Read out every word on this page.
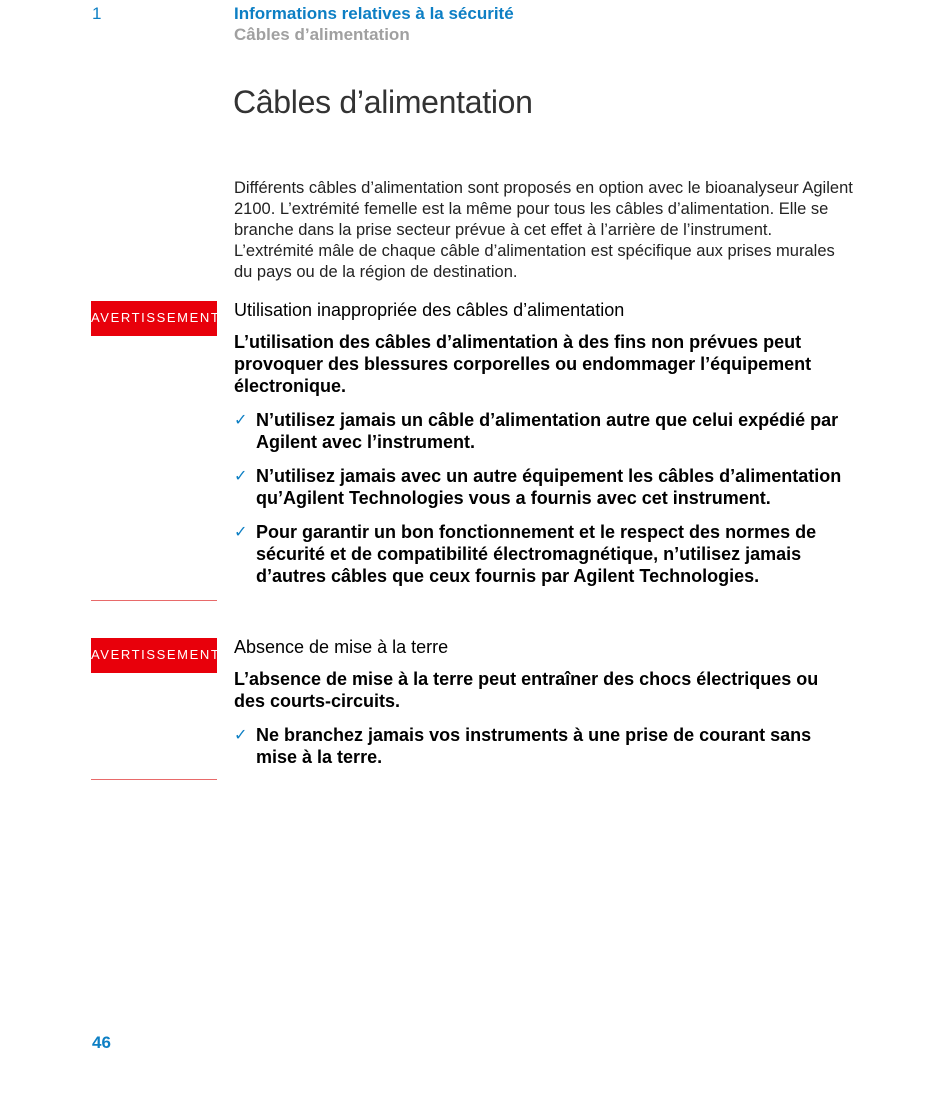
1	Informations relatives à la sécurité
Câbles d’alimentation
Câbles d’alimentation

Différents câbles d’alimentation sont proposés en option avec le bioanalyseur Agilent 2100. L’extrémité femelle est la même pour tous les câbles d’alimentation. Elle se branche dans la prise secteur prévue à cet effet à l’arrière de l’instrument. L’extrémité mâle de chaque câble d’alimentation est spécifique aux prises murales du pays ou de la région de destination.

AVERTISSEMENT Utilisation inappropriée des câbles d’alimentation

L’utilisation des câbles d’alimentation à des fins non prévues peut provoquer des blessures corporelles ou endommager l’équipement électronique.

✓ N’utilisez jamais un câble d’alimentation autre que celui expédié par Agilent avec l’instrument.
✓ N’utilisez jamais avec un autre équipement les câbles d’alimentation qu’Agilent Technologies vous a fournis avec cet instrument.
✓ Pour garantir un bon fonctionnement et le respect des normes de sécurité et de compatibilité électromagnétique, n’utilisez jamais d’autres câbles que ceux fournis par Agilent Technologies.
AVERTISSEMENT Absence de mise à la terre

L’absence de mise à la terre peut entraîner des chocs électriques ou des courts-circuits.

✓ Ne branchez jamais vos instruments à une prise de courant sans mise à la terre.
46
